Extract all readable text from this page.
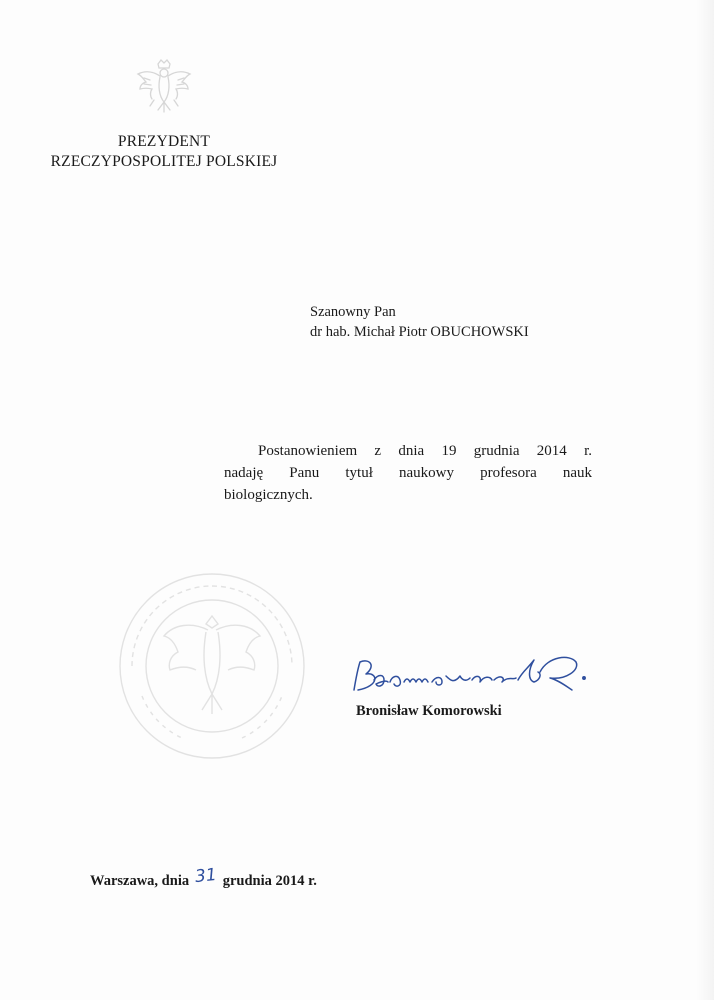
PREZYDENT
RZECZYPOSPOLITEJ POLSKIEJ
Szanowny Pan
dr hab. Michał Piotr OBUCHOWSKI
Postanowieniem z dnia 19 grudnia 2014 r.
nadaję Panu tytuł naukowy profesora nauk
biologicznych.
Bronisław Komorowski
Warszawa, dnia 31 grudnia 2014 r.
